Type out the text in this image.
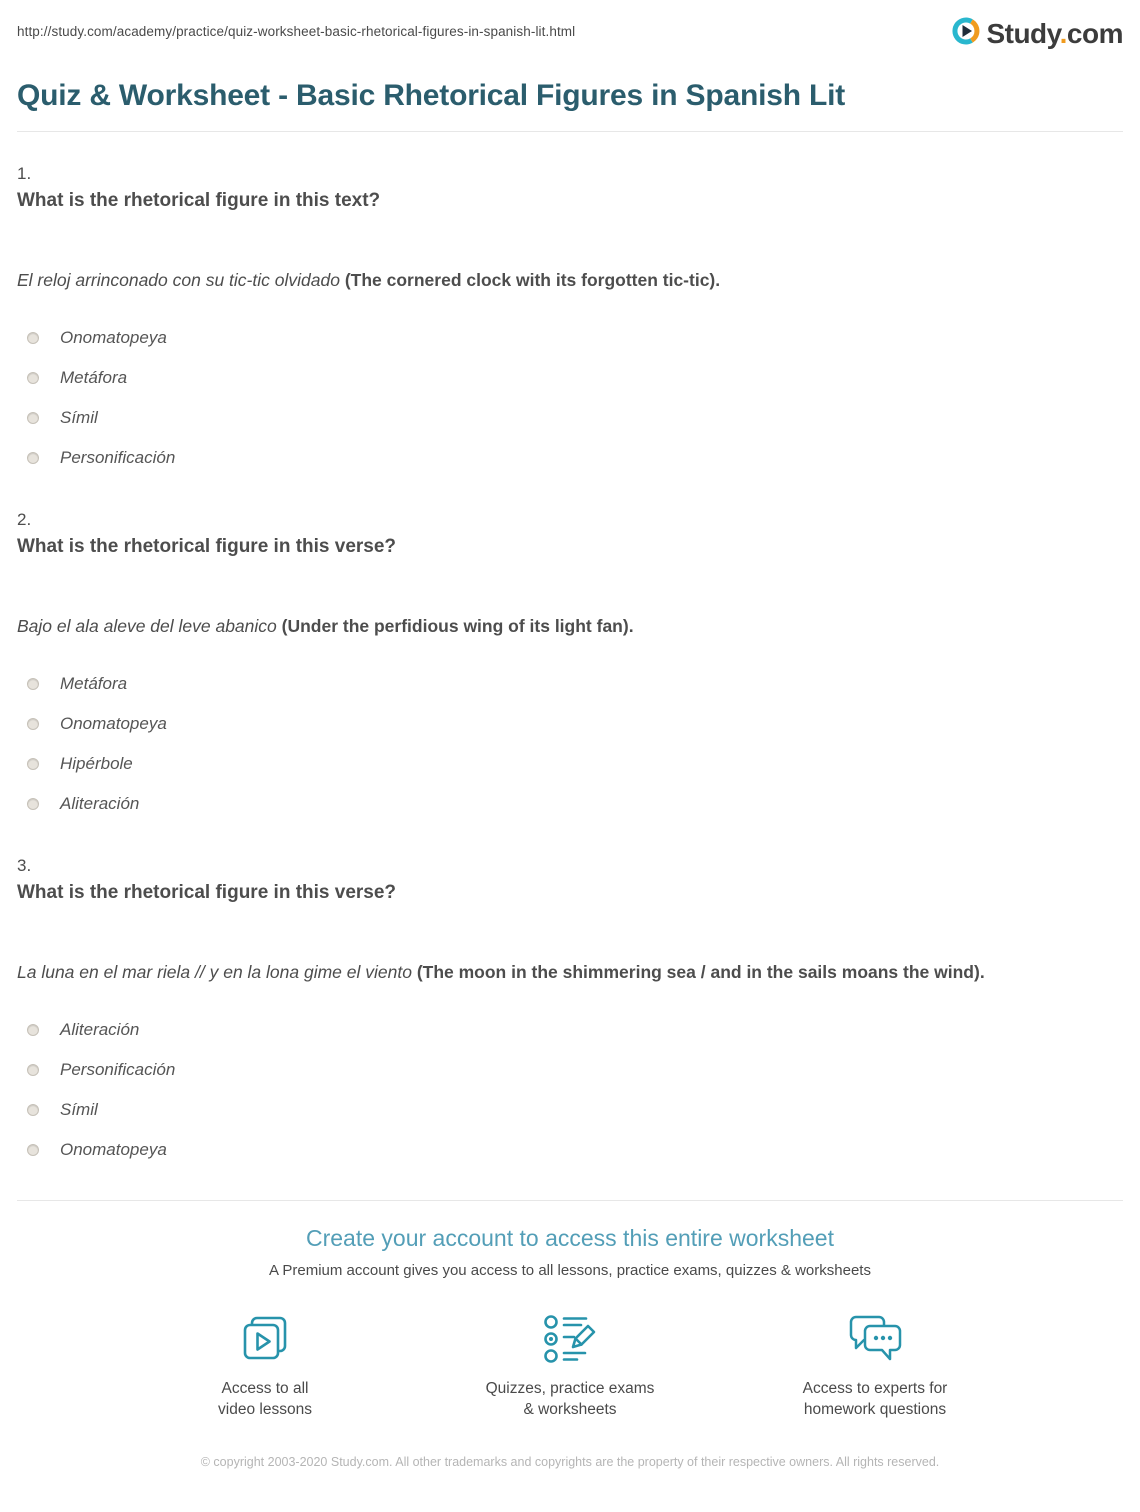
http://study.com/academy/practice/quiz-worksheet-basic-rhetorical-figures-in-spanish-lit.html	Study.com
Quiz & Worksheet - Basic Rhetorical Figures in Spanish Lit
1.
What is the rhetorical figure in this text?

El reloj arrinconado con su tic-tic olvidado (The cornered clock with its forgotten tic-tic).

Onomatopeya
Metáfora
Símil
Personificación
2.
What is the rhetorical figure in this verse?

Bajo el ala aleve del leve abanico (Under the perfidious wing of its light fan).

Metáfora
Onomatopeya
Hipérbole
Aliteración
3.
What is the rhetorical figure in this verse?

La luna en el mar riela // y en la lona gime el viento (The moon in the shimmering sea / and in the sails moans the wind).

Aliteración
Personificación
Símil
Onomatopeya
Create your account to access this entire worksheet
A Premium account gives you access to all lessons, practice exams, quizzes & worksheets
Access to all
video lessons
Quizzes, practice exams
& worksheets
Access to experts for
homework questions

© copyright 2003-2020 Study.com. All other trademarks and copyrights are the property of their respective owners. All rights reserved.
